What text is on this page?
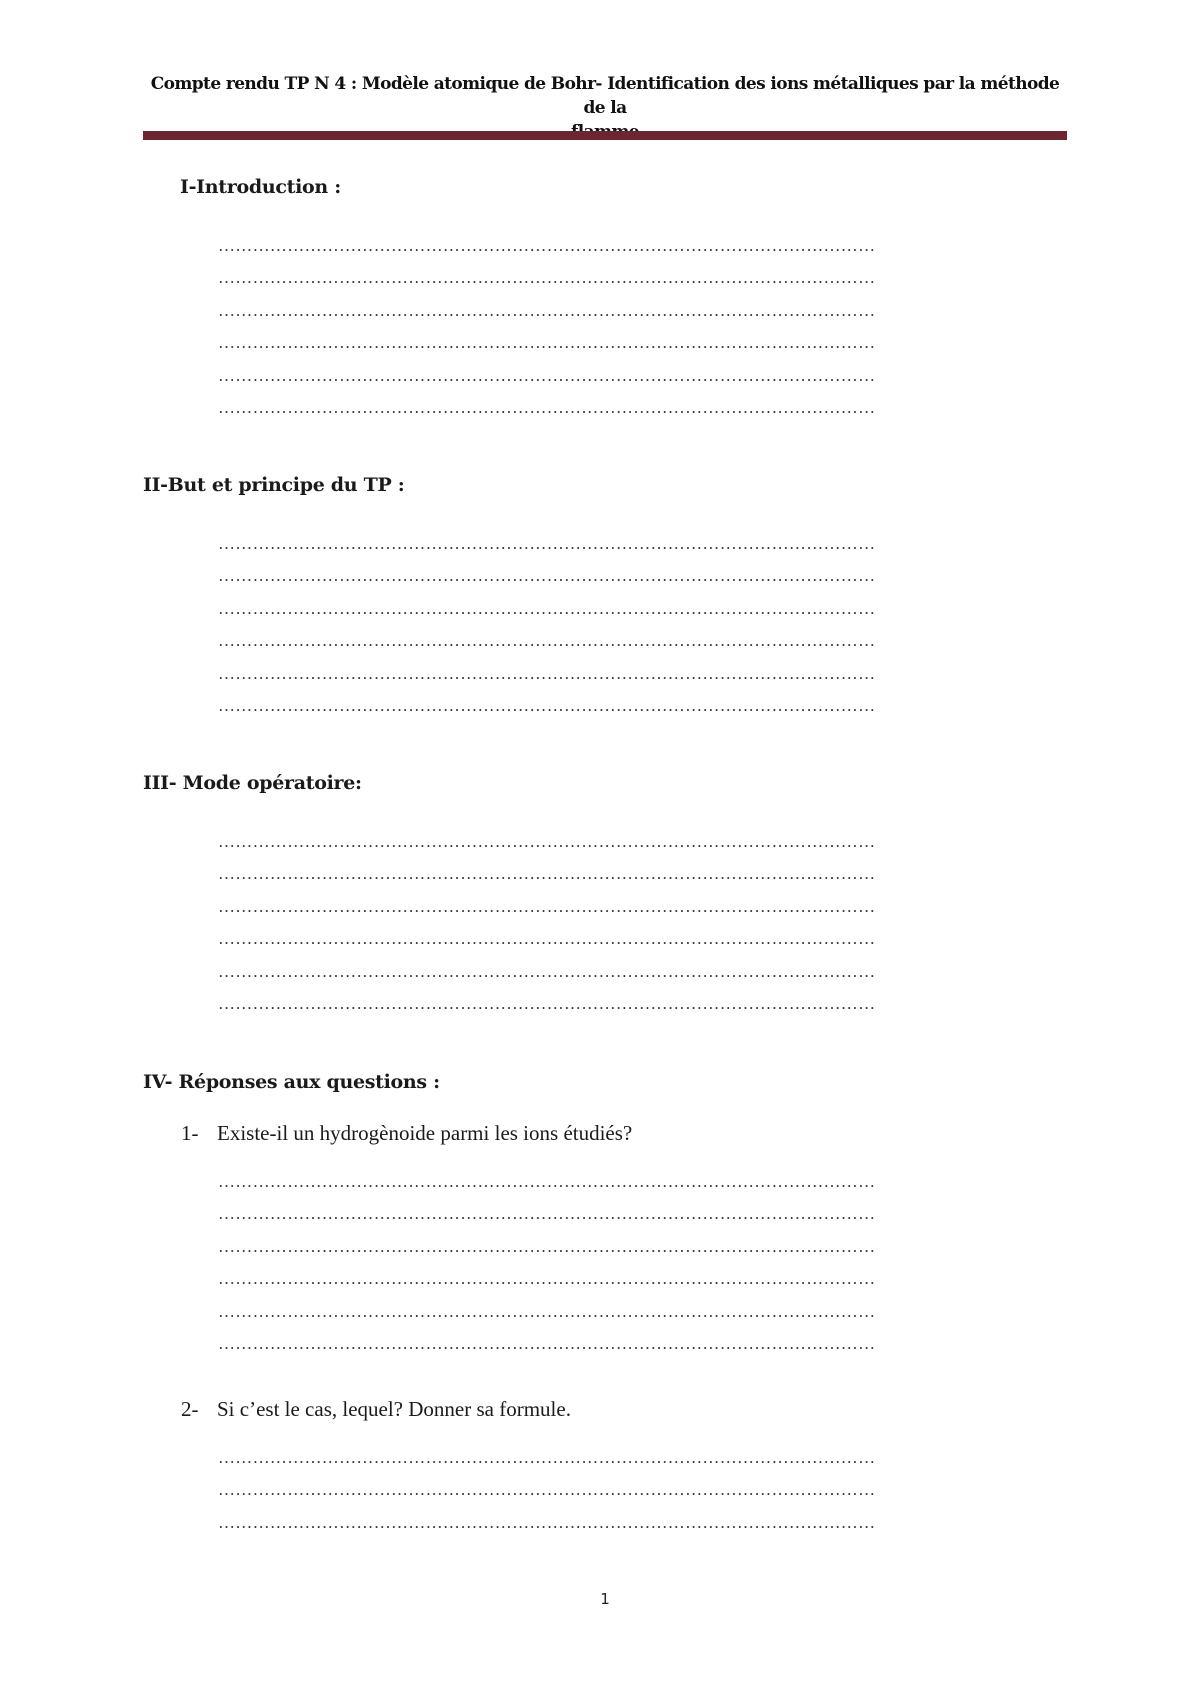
Compte rendu TP N 4 : Modèle atomique de Bohr- Identification des ions métalliques par la méthode de la
I-Introduction :
……………………………………………………………………………………………………
……………………………………………………………………………………………………
……………………………………………………………………………………………………
……………………………………………………………………………………………………
……………………………………………………………………………………………………
……………………………………………………………………………………………………
II-But et principe du TP :
……………………………………………………………………………………………………
……………………………………………………………………………………………………
……………………………………………………………………………………………………
……………………………………………………………………………………………………
……………………………………………………………………………………………………
……………………………………………………………………………………………………
III- Mode opératoire:
……………………………………………………………………………………………………
……………………………………………………………………………………………………
……………………………………………………………………………………………………
……………………………………………………………………………………………………
……………………………………………………………………………………………………
……………………………………………………………………………………………………
IV- Réponses aux questions :
1- Existe-il un hydrogènoide parmi les ions étudiés?
……………………………………………………………………………………………………
……………………………………………………………………………………………………
……………………………………………………………………………………………………
……………………………………………………………………………………………………
……………………………………………………………………………………………………
……………………………………………………………………………………………………
2- Si c’est le cas, lequel? Donner sa formule.
……………………………………………………………………………………………………
……………………………………………………………………………………………………
……………………………………………………………………………………………………
1
